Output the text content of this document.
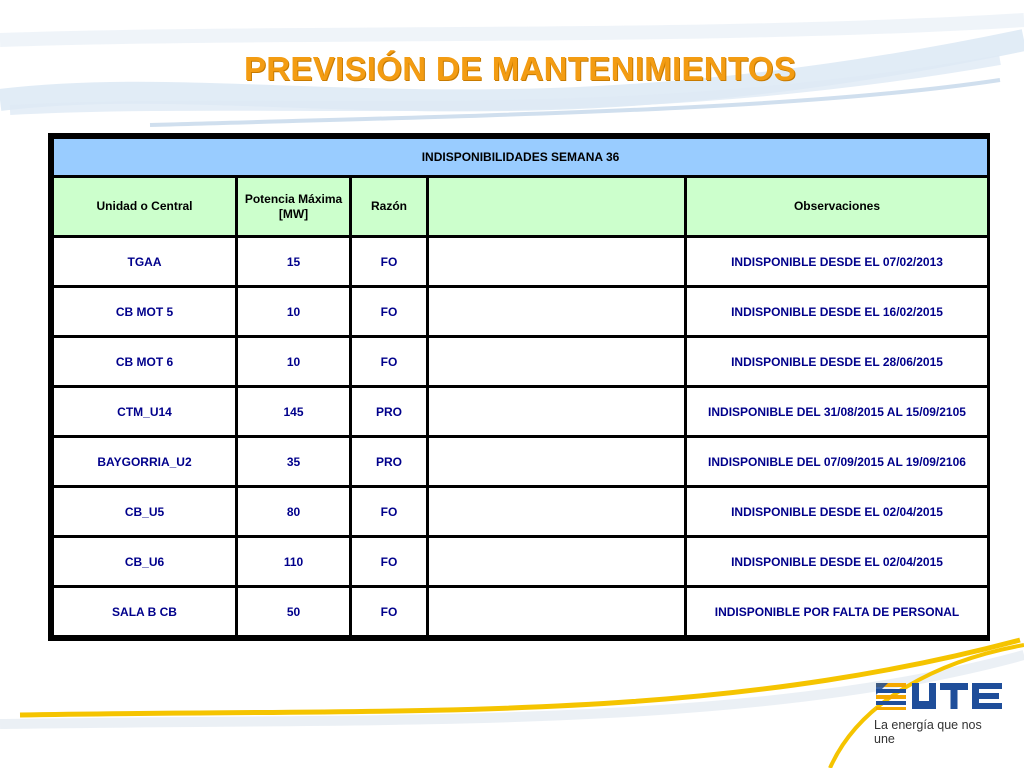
PREVISIÓN DE MANTENIMIENTOS
INDISPONIBILIDADES SEMANA 36				
Unidad o Central	Potencia Máxima [MW]	Razón		Observaciones
TGAA	15	FO		INDISPONIBLE DESDE EL 07/02/2013
CB MOT 5	10	FO		INDISPONIBLE DESDE EL 16/02/2015
CB MOT 6	10	FO		INDISPONIBLE DESDE EL 28/06/2015
CTM_U14	145	PRO		INDISPONIBLE DEL 31/08/2015 AL 15/09/2105
BAYGORRIA_U2	35	PRO		INDISPONIBLE DEL 07/09/2015 AL 19/09/2106
CB_U5	80	FO		INDISPONIBLE DESDE EL 02/04/2015
CB_U6	110	FO		INDISPONIBLE DESDE EL 02/04/2015
SALA B CB	50	FO		INDISPONIBLE POR FALTA DE PERSONAL
La energía que nos une
